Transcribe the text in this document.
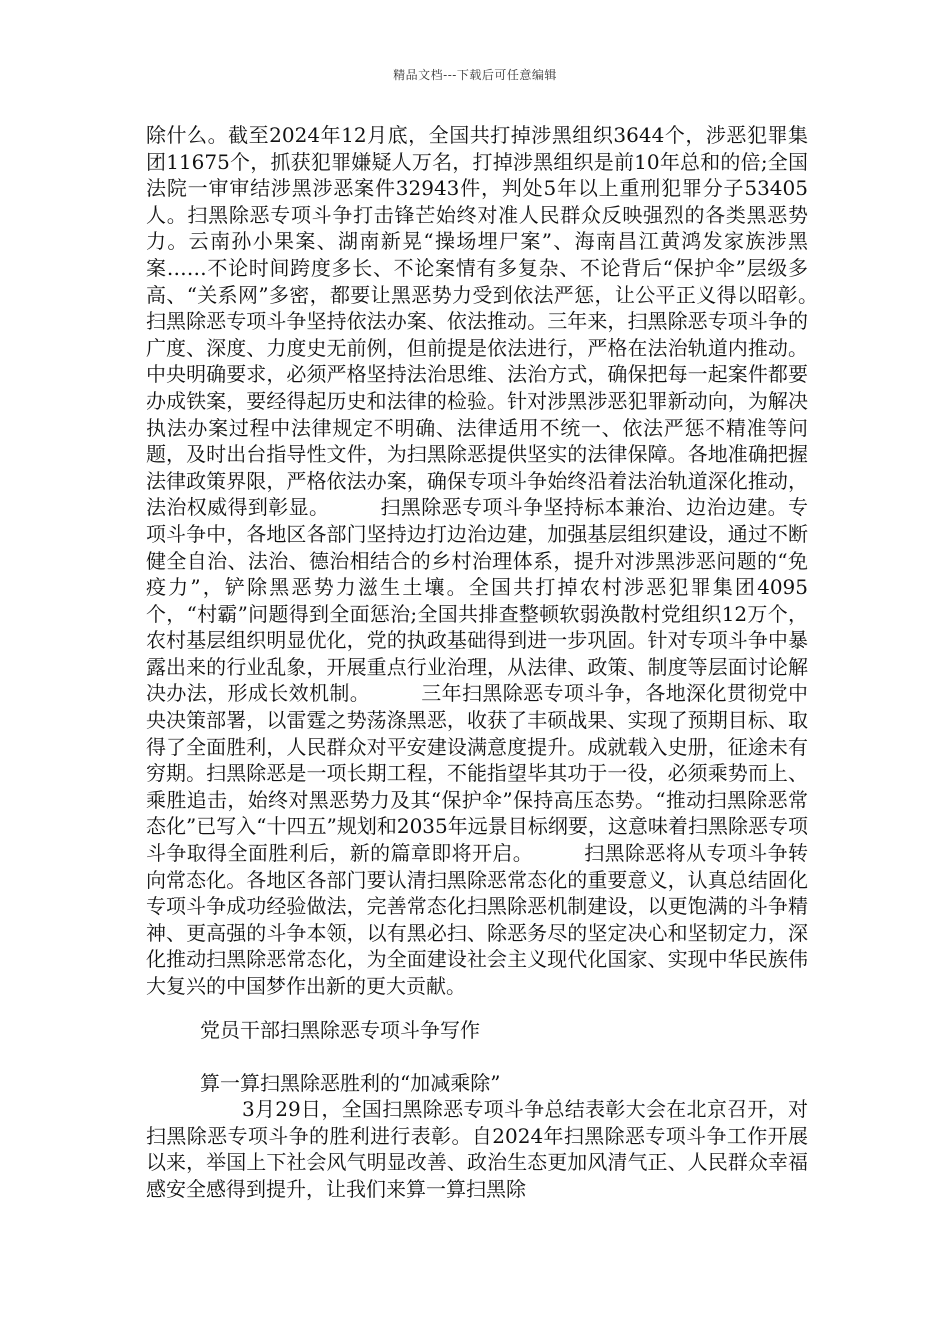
精品文档---下载后可任意编辑

除什么。截至2024年12月底，全国共打掉涉黑组织3644个，涉恶犯罪集团11675个，抓获犯罪嫌疑人万名，打掉涉黑组织是前10年总和的倍;全国法院一审审结涉黑涉恶案件32943件，判处5年以上重刑犯罪分子53405人。扫黑除恶专项斗争打击锋芒始终对准人民群众反映强烈的各类黑恶势力。云南孙小果案、湖南新晃“操场埋尸案”、海南昌江黄鸿发家族涉黑案……不论时间跨度多长、不论案情有多复杂、不论背后“保护伞”层级多高、“关系网”多密，都要让黑恶势力受到依法严惩，让公平正义得以昭彰。　　　扫黑除恶专项斗争坚持依法办案、依法推动。三年来，扫黑除恶专项斗争的广度、深度、力度史无前例，但前提是依法进行，严格在法治轨道内推动。中央明确要求，必须严格坚持法治思维、法治方式，确保把每一起案件都要办成铁案，要经得起历史和法律的检验。针对涉黑涉恶犯罪新动向，为解决执法办案过程中法律规定不明确、法律适用不统一、依法严惩不精准等问题，及时出台指导性文件，为扫黑除恶提供坚实的法律保障。各地准确把握法律政策界限，严格依法办案，确保专项斗争始终沿着法治轨道深化推动，法治权威得到彰显。　　　扫黑除恶专项斗争坚持标本兼治、边治边建。专项斗争中，各地区各部门坚持边打边治边建，加强基层组织建设，通过不断健全自治、法治、德治相结合的乡村治理体系，提升对涉黑涉恶问题的“免疫力”，铲除黑恶势力滋生土壤。全国共打掉农村涉恶犯罪集团4095个，“村霸”问题得到全面惩治;全国共排查整顿软弱涣散村党组织12万个，农村基层组织明显优化，党的执政基础得到进一步巩固。针对专项斗争中暴露出来的行业乱象，开展重点行业治理，从法律、政策、制度等层面讨论解决办法，形成长效机制。　　　三年扫黑除恶专项斗争，各地深化贯彻党中央决策部署，以雷霆之势荡涤黑恶，收获了丰硕战果、实现了预期目标、取得了全面胜利，人民群众对平安建设满意度提升。成就载入史册，征途未有穷期。扫黑除恶是一项长期工程，不能指望毕其功于一役，必须乘势而上、乘胜追击，始终对黑恶势力及其“保护伞”保持高压态势。“推动扫黑除恶常态化”已写入“十四五”规划和2035年远景目标纲要，这意味着扫黑除恶专项斗争取得全面胜利后，新的篇章即将开启。　　　扫黑除恶将从专项斗争转向常态化。各地区各部门要认清扫黑除恶常态化的重要意义，认真总结固化专项斗争成功经验做法，完善常态化扫黑除恶机制建设，以更饱满的斗争精神、更高强的斗争本领，以有黑必扫、除恶务尽的坚定决心和坚韧定力，深化推动扫黑除恶常态化，为全面建设社会主义现代化国家、实现中华民族伟大复兴的中国梦作出新的更大贡献。

党员干部扫黑除恶专项斗争写作
算一算扫黑除恶胜利的“加减乘除”

3月29日，全国扫黑除恶专项斗争总结表彰大会在北京召开，对扫黑除恶专项斗争的胜利进行表彰。自2024年扫黑除恶专项斗争工作开展以来，举国上下社会风气明显改善、政治生态更加风清气正、人民群众幸福感安全感得到提升，让我们来算一算扫黑除
